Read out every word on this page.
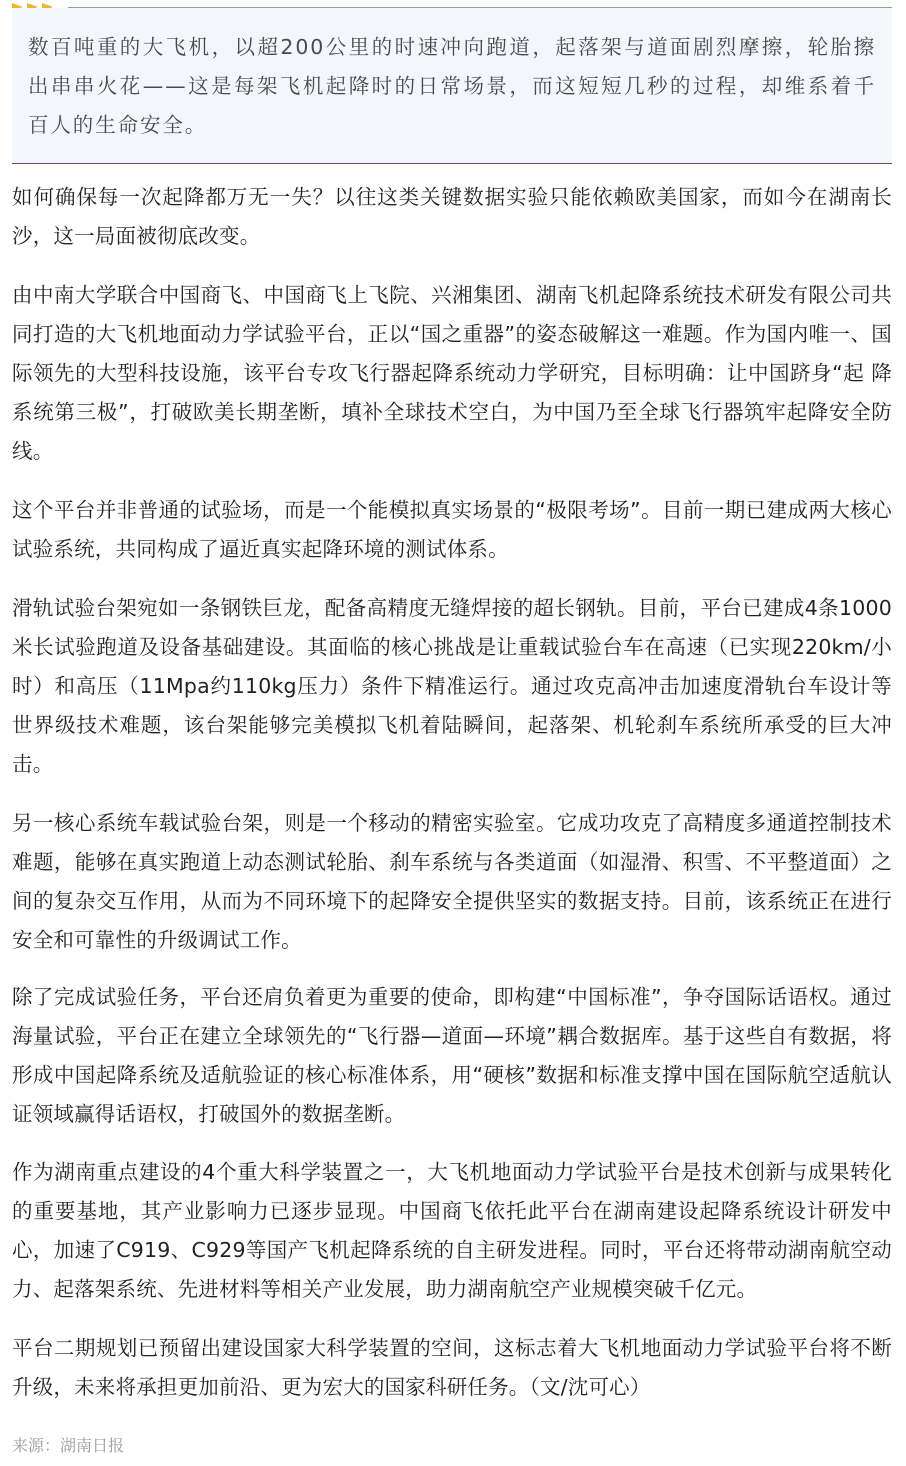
数百吨重的大飞机，以超200公里的时速冲向跑道，起落架与道面剧烈摩擦，轮胎擦出串串火花——这是每架飞机起降时的日常场景，而这短短几秒的过程，却维系着千百人的生命安全。

如何确保每一次起降都万无一失？以往这类关键数据实验只能依赖欧美国家，而如今在湖南长沙，这一局面被彻底改变。

由中南大学联合中国商飞、中国商飞上飞院、兴湘集团、湖南飞机起降系统技术研发有限公司共同打造的大飞机地面动力学试验平台，正以“国之重器”的姿态破解这一难题。作为国内唯一、国际领先的大型科技设施，该平台专攻飞行器起降系统动力学研究，目标明确：让中国跻身“起 降系统第三极”，打破欧美长期垄断，填补全球技术空白，为中国乃至全球飞行器筑牢起降安全防线。

这个平台并非普通的试验场，而是一个能模拟真实场景的“极限考场”。目前一期已建成两大核心试验系统，共同构成了逼近真实起降环境的测试体系。

滑轨试验台架宛如一条钢铁巨龙，配备高精度无缝焊接的超长钢轨。目前，平台已建成4条1000米长试验跑道及设备基础建设。其面临的核心挑战是让重载试验台车在高速（已实现220km/小时）和高压（11Mpa约110kg压力）条件下精准运行。通过攻克高冲击加速度滑轨台车设计等世界级技术难题，该台架能够完美模拟飞机着陆瞬间，起落架、机轮刹车系统所承受的巨大冲击。

另一核心系统车载试验台架，则是一个移动的精密实验室。它成功攻克了高精度多通道控制技术难题，能够在真实跑道上动态测试轮胎、刹车系统与各类道面（如湿滑、积雪、不平整道面）之间的复杂交互作用，从而为不同环境下的起降安全提供坚实的数据支持。目前，该系统正在进行安全和可靠性的升级调试工作。

除了完成试验任务，平台还肩负着更为重要的使命，即构建“中国标准”，争夺国际话语权。通过海量试验，平台正在建立全球领先的“飞行器—道面—环境”耦合数据库。基于这些自有数据，将形成中国起降系统及适航验证的核心标准体系，用“硬核”数据和标准支撑中国在国际航空适航认证领域赢得话语权，打破国外的数据垄断。

作为湖南重点建设的4个重大科学装置之一，大飞机地面动力学试验平台是技术创新与成果转化的重要基地，其产业影响力已逐步显现。中国商飞依托此平台在湖南建设起降系统设计研发中心，加速了C919、C929等国产飞机起降系统的自主研发进程。同时，平台还将带动湖南航空动力、起落架系统、先进材料等相关产业发展，助力湖南航空产业规模突破千亿元。

平台二期规划已预留出建设国家大科学装置的空间，这标志着大飞机地面动力学试验平台将不断升级，未来将承担更加前沿、更为宏大的国家科研任务。（文/沈可心）

来源：湖南日报
